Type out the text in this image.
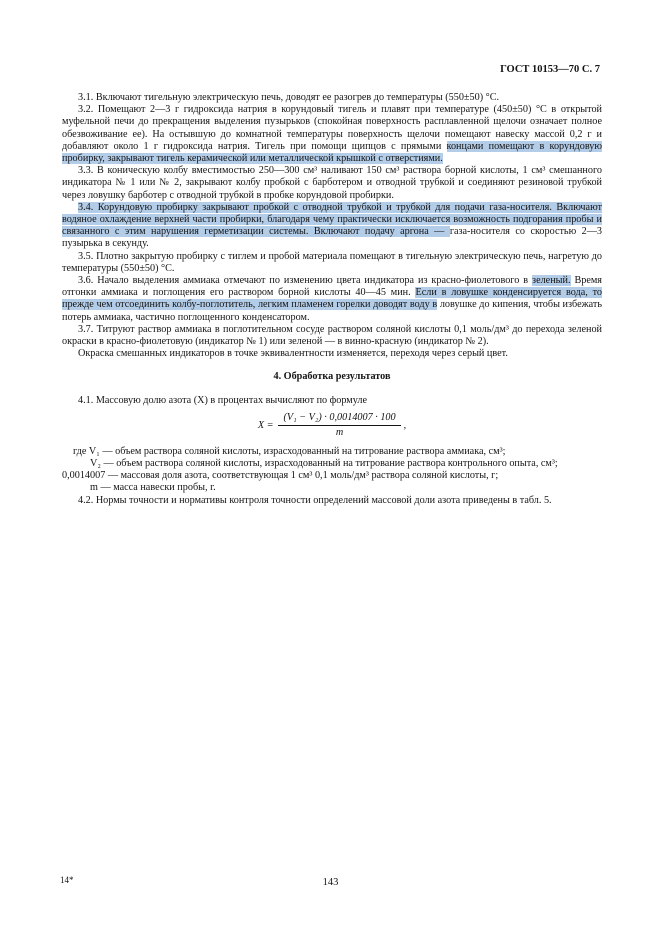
ГОСТ 10153—70 С. 7

3.1. Включают тигельную электрическую печь, доводят ее разогрев до температуры (550±50) °С.

3.2. Помещают 2—3 г гидроксида натрия в корундовый тигель и плавят при температуре (450±50) °С в открытой муфельной печи до прекращения выделения пузырьков (спокойная поверхность расплавленной щелочи означает полное обезвоживание ее). На остывшую до комнатной температуры поверхность щелочи помещают навеску массой 0,2 г и добавляют около 1 г гидроксида натрия. Тигель при помощи щипцов с прямыми концами помещают в корундовую пробирку, закрывают тигель керамической или металлической крышкой с отверстиями.

3.3. В коническую колбу вместимостью 250—300 см³ наливают 150 см³ раствора борной кислоты, 1 см³ смешанного индикатора № 1 или № 2, закрывают колбу пробкой с барботером и отводной трубкой и соединяют резиновой трубкой через ловушку барботер с отводной трубкой в пробке корундовой пробирки.

3.4. Корундовую пробирку закрывают пробкой с отводной трубкой и трубкой для подачи газа-носителя. Включают водяное охлаждение верхней части пробирки, благодаря чему практически исключается возможность подгорания пробы и связанного с этим нарушения герметизации системы. Включают подачу аргона — газа-носителя со скоростью 2—3 пузырька в секунду.

3.5. Плотно закрытую пробирку с тиглем и пробой материала помещают в тигельную электрическую печь, нагретую до температуры (550±50) °С.

3.6. Начало выделения аммиака отмечают по изменению цвета индикатора из красно-фиолетового в зеленый. Время отгонки аммиака и поглощения его раствором борной кислоты 40—45 мин. Если в ловушке конденсируется вода, то прежде чем отсоединить колбу-поглотитель, легким пламенем горелки доводят воду в ловушке до кипения, чтобы избежать потерь аммиака, частично поглощенного конденсатором.

3.7. Титруют раствор аммиака в поглотительном сосуде раствором соляной кислоты 0,1 моль/дм³ до перехода зеленой окраски в красно-фиолетовую (индикатор № 1) или зеленой — в винно-красную (индикатор № 2).

Окраска смешанных индикаторов в точке эквивалентности изменяется, переходя через серый цвет.

4. Обработка результатов

4.1. Массовую долю азота (X) в процентах вычисляют по формуле

$X = \frac{\text{(V₁ − V₂) · 0,0014007 · 100}}{m}$ ,
где V₁ — объем раствора соляной кислоты, израсходованный на титрование раствора аммиака, см³;
V₂ — объем раствора соляной кислоты, израсходованный на титрование раствора контрольного опыта, см³;
0,0014007 — массовая доля азота, соответствующая 1 см³ 0,1 моль/дм³ раствора соляной кислоты, г;
m — масса навески пробы, г.

4.2. Нормы точности и нормативы контроля точности определений массовой доли азота приведены в табл. 5.

14*	143
